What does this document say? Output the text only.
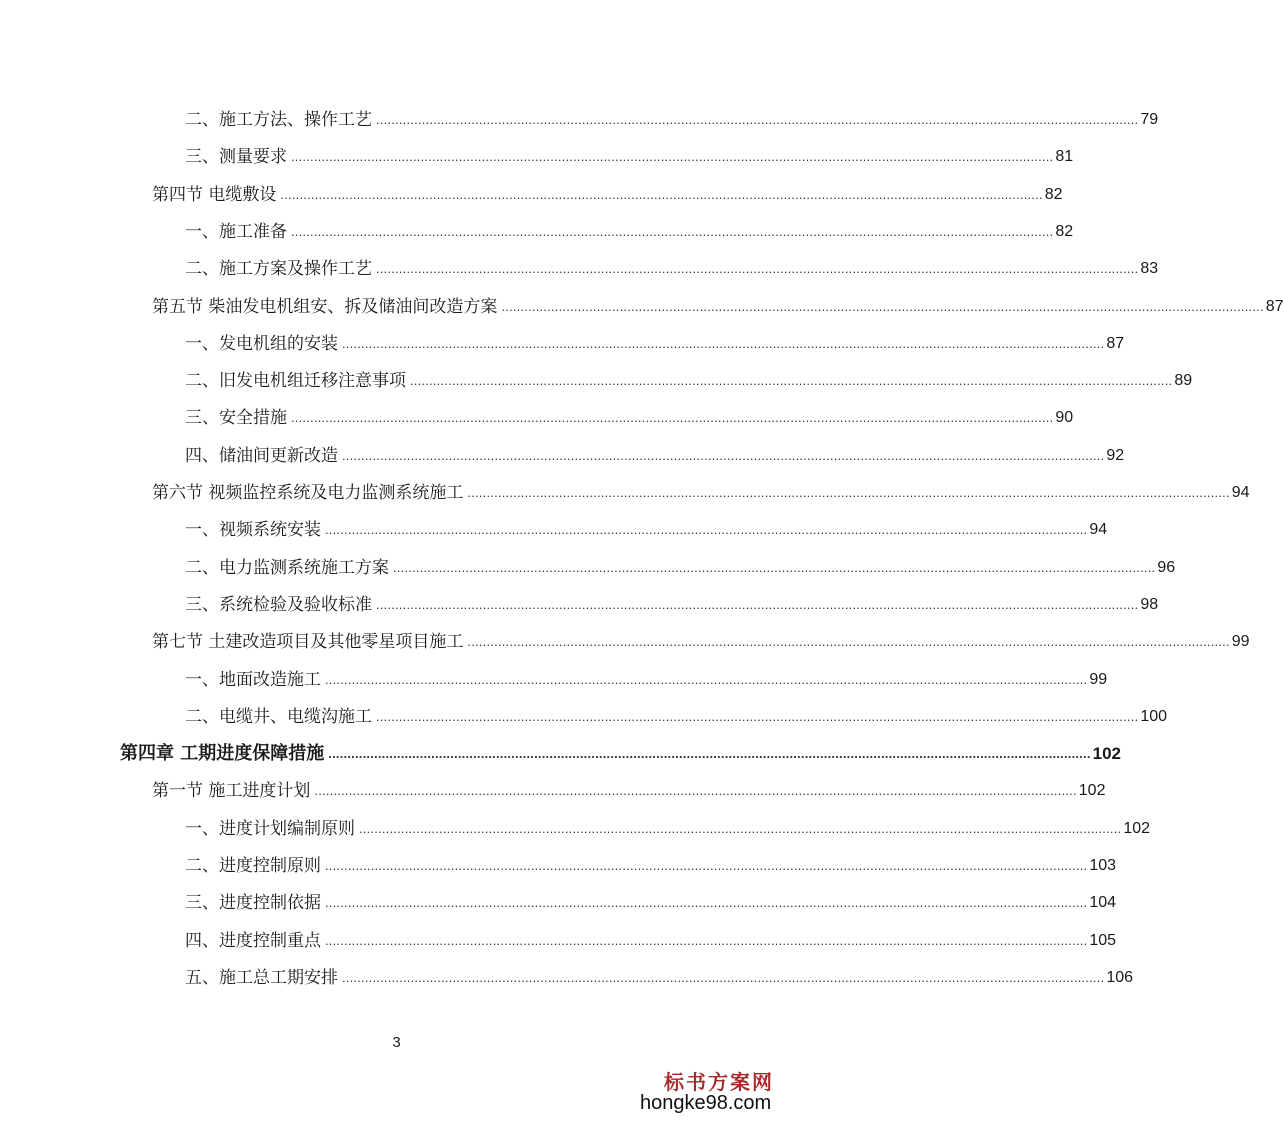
二、施工方法、操作工艺 ........................................................................................................................................................................................................ 79
三、测量要求 ........................................................................................................................................................................................................ 81
第四节 电缆敷设 ........................................................................................................................................................................................................ 82
一、施工准备 ........................................................................................................................................................................................................ 82
二、施工方案及操作工艺 ........................................................................................................................................................................................................ 83
第五节 柴油发电机组安、拆及储油间改造方案 ........................................................................................................................................................................................................ 87
一、发电机组的安装 ........................................................................................................................................................................................................ 87
二、旧发电机组迁移注意事项 ........................................................................................................................................................................................................ 89
三、安全措施 ........................................................................................................................................................................................................ 90
四、储油间更新改造 ........................................................................................................................................................................................................ 92
第六节 视频监控系统及电力监测系统施工 ........................................................................................................................................................................................................ 94
一、视频系统安装 ........................................................................................................................................................................................................ 94
二、电力监测系统施工方案 ........................................................................................................................................................................................................ 96
三、系统检验及验收标准 ........................................................................................................................................................................................................ 98
第七节 土建改造项目及其他零星项目施工 ........................................................................................................................................................................................................ 99
一、地面改造施工 ........................................................................................................................................................................................................ 99
二、电缆井、电缆沟施工 ........................................................................................................................................................................................................ 100
第四章 工期进度保障措施 ........................................................................................................................................................................................................ 102
第一节 施工进度计划 ........................................................................................................................................................................................................ 102
一、进度计划编制原则 ........................................................................................................................................................................................................ 102
二、进度控制原则 ........................................................................................................................................................................................................ 103
三、进度控制依据 ........................................................................................................................................................................................................ 104
四、进度控制重点 ........................................................................................................................................................................................................ 105
五、施工总工期安排 ........................................................................................................................................................................................................ 106
3
标书方案网
hongke98.com
